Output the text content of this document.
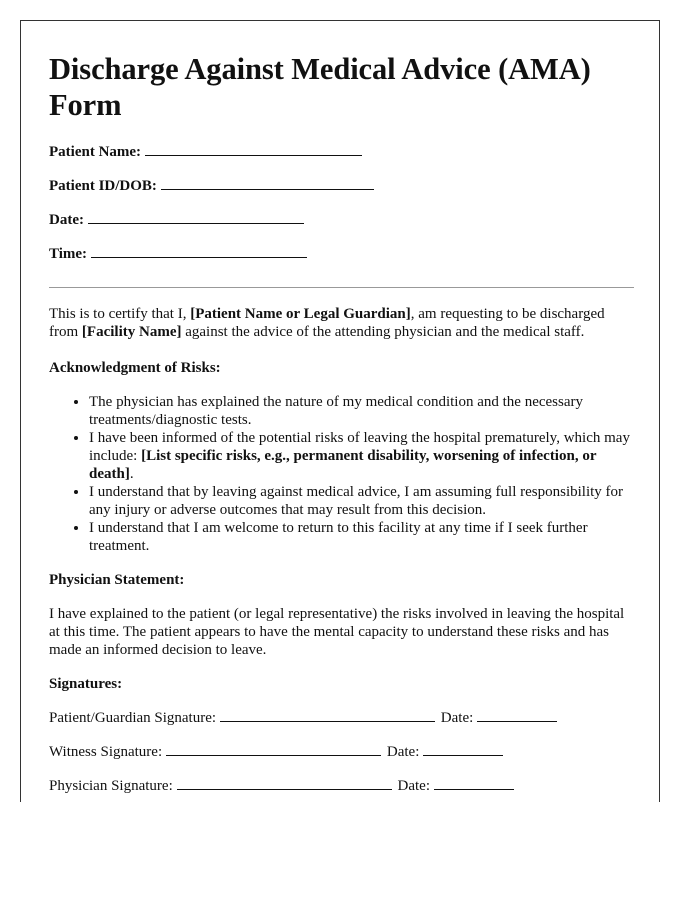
Discharge Against Medical Advice (AMA) Form

Patient Name:

Patient ID/DOB:

Date:

Time:

This is to certify that I, [Patient Name or Legal Guardian], am requesting to be discharged from [Facility Name] against the advice of the attending physician and the medical staff.

Acknowledgment of Risks:

• The physician has explained the nature of my medical condition and the necessary treatments/diagnostic tests.
• I have been informed of the potential risks of leaving the hospital prematurely, which may include: [List specific risks, e.g., permanent disability, worsening of infection, or death].
• I understand that by leaving against medical advice, I am assuming full responsibility for any injury or adverse outcomes that may result from this decision.
• I understand that I am welcome to return to this facility at any time if I seek further treatment.

Physician Statement:

I have explained to the patient (or legal representative) the risks involved in leaving the hospital at this time. The patient appears to have the mental capacity to understand these risks and has made an informed decision to leave.

Signatures:

Patient/Guardian Signature:	Date:
Witness Signature:	Date:
Physician Signature:	Date:
